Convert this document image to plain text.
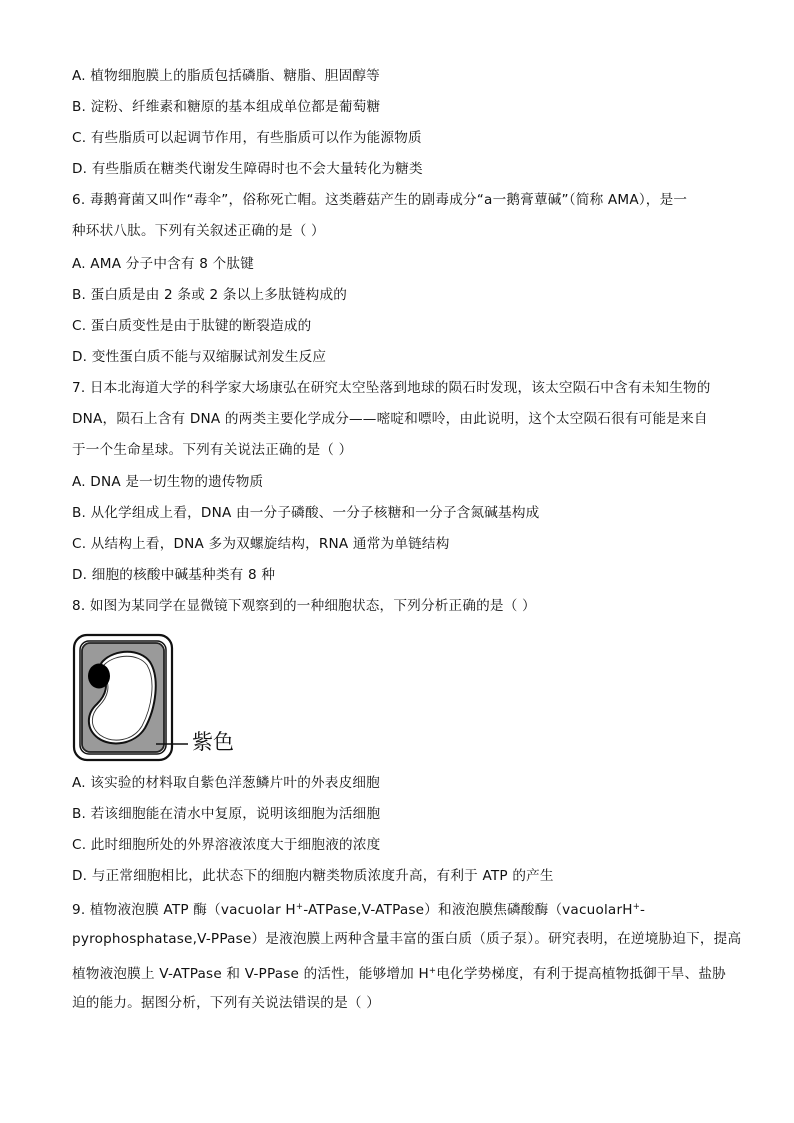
A. 植物细胞膜上的脂质包括磷脂、糖脂、胆固醇等
B. 淀粉、纤维素和糖原的基本组成单位都是葡萄糖
C. 有些脂质可以起调节作用，有些脂质可以作为能源物质
D. 有些脂质在糖类代谢发生障碍时也不会大量转化为糖类
6. 毒鹅膏菌又叫作“毒伞”，俗称死亡帽。这类蘑菇产生的剧毒成分“a一鹅膏蕈碱”（简称 AMA），是一
种环状八肽。下列有关叙述正确的是（ ）
A. AMA 分子中含有 8 个肽键
B. 蛋白质是由 2 条或 2 条以上多肽链构成的
C. 蛋白质变性是由于肽键的断裂造成的
D. 变性蛋白质不能与双缩脲试剂发生反应
7. 日本北海道大学的科学家大场康弘在研究太空坠落到地球的陨石时发现，该太空陨石中含有未知生物的
DNA，陨石上含有 DNA 的两类主要化学成分——嘧啶和嘌呤，由此说明，这个太空陨石很有可能是来自
于一个生命星球。下列有关说法正确的是（ ）
A. DNA 是一切生物的遗传物质
B. 从化学组成上看，DNA 由一分子磷酸、一分子核糖和一分子含氮碱基构成
C. 从结构上看，DNA 多为双螺旋结构，RNA 通常为单链结构
D. 细胞的核酸中碱基种类有 8 种
8. 如图为某同学在显微镜下观察到的一种细胞状态，下列分析正确的是（ ）
紫色
A. 该实验的材料取自紫色洋葱鳞片叶的外表皮细胞
B. 若该细胞能在清水中复原，说明该细胞为活细胞
C. 此时细胞所处的外界溶液浓度大于细胞液的浓度
D. 与正常细胞相比，此状态下的细胞内糖类物质浓度升高，有利于 ATP 的产生
9. 植物液泡膜 ATP 酶（vacuolar H+-ATPase,V-ATPase）和液泡膜焦磷酸酶（vacuolarH+-
pyrophosphatase,V-PPase）是液泡膜上两种含量丰富的蛋白质（质子泵）。研究表明，在逆境胁迫下，提高
植物液泡膜上 V-ATPase 和 V-PPase 的活性，能够增加 H+电化学势梯度，有利于提高植物抵御干旱、盐胁
迫的能力。据图分析，下列有关说法错误的是（ ）
